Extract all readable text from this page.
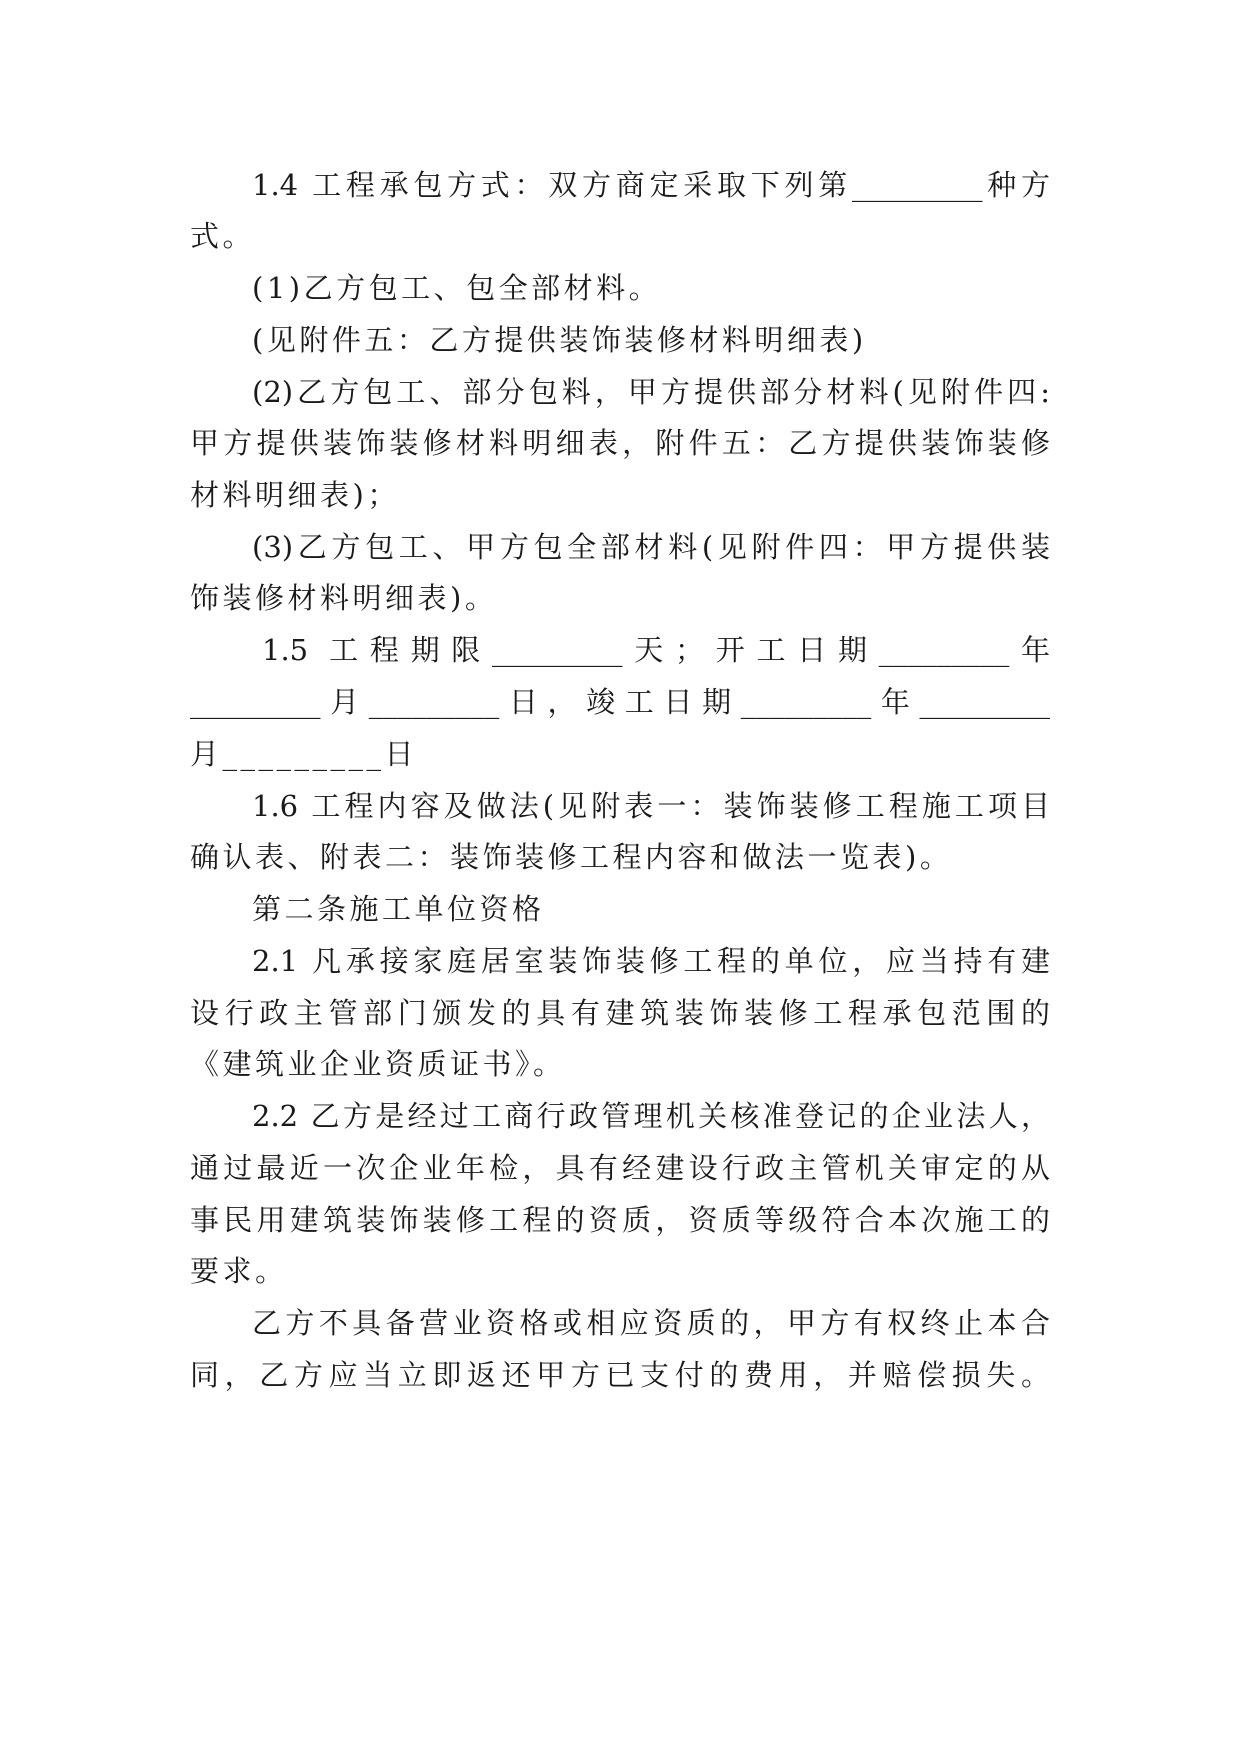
1.4 工程承包方式：双方商定采取下列第_________种方
式。
(1)乙方包工、包全部材料。
(见附件五：乙方提供装饰装修材料明细表)
(2)乙方包工、部分包料，甲方提供部分材料(见附件四:
甲方提供装饰装修材料明细表，附件五：乙方提供装饰装修
材料明细表)；
(3)乙方包工、甲方包全部材料(见附件四：甲方提供装
饰装修材料明细表)。
1.5 工程期限_________天；开工日期_________年
_________月_________日，竣工日期_________年_________
月_________日
1.6 工程内容及做法(见附表一：装饰装修工程施工项目
确认表、附表二：装饰装修工程内容和做法一览表)。
第二条施工单位资格
2.1 凡承接家庭居室装饰装修工程的单位，应当持有建
设行政主管部门颁发的具有建筑装饰装修工程承包范围的
《建筑业企业资质证书》。
2.2 乙方是经过工商行政管理机关核准登记的企业法人，
通过最近一次企业年检，具有经建设行政主管机关审定的从
事民用建筑装饰装修工程的资质，资质等级符合本次施工的
要求。
乙方不具备营业资格或相应资质的，甲方有权终止本合
同，乙方应当立即返还甲方已支付的费用，并赔偿损失。
